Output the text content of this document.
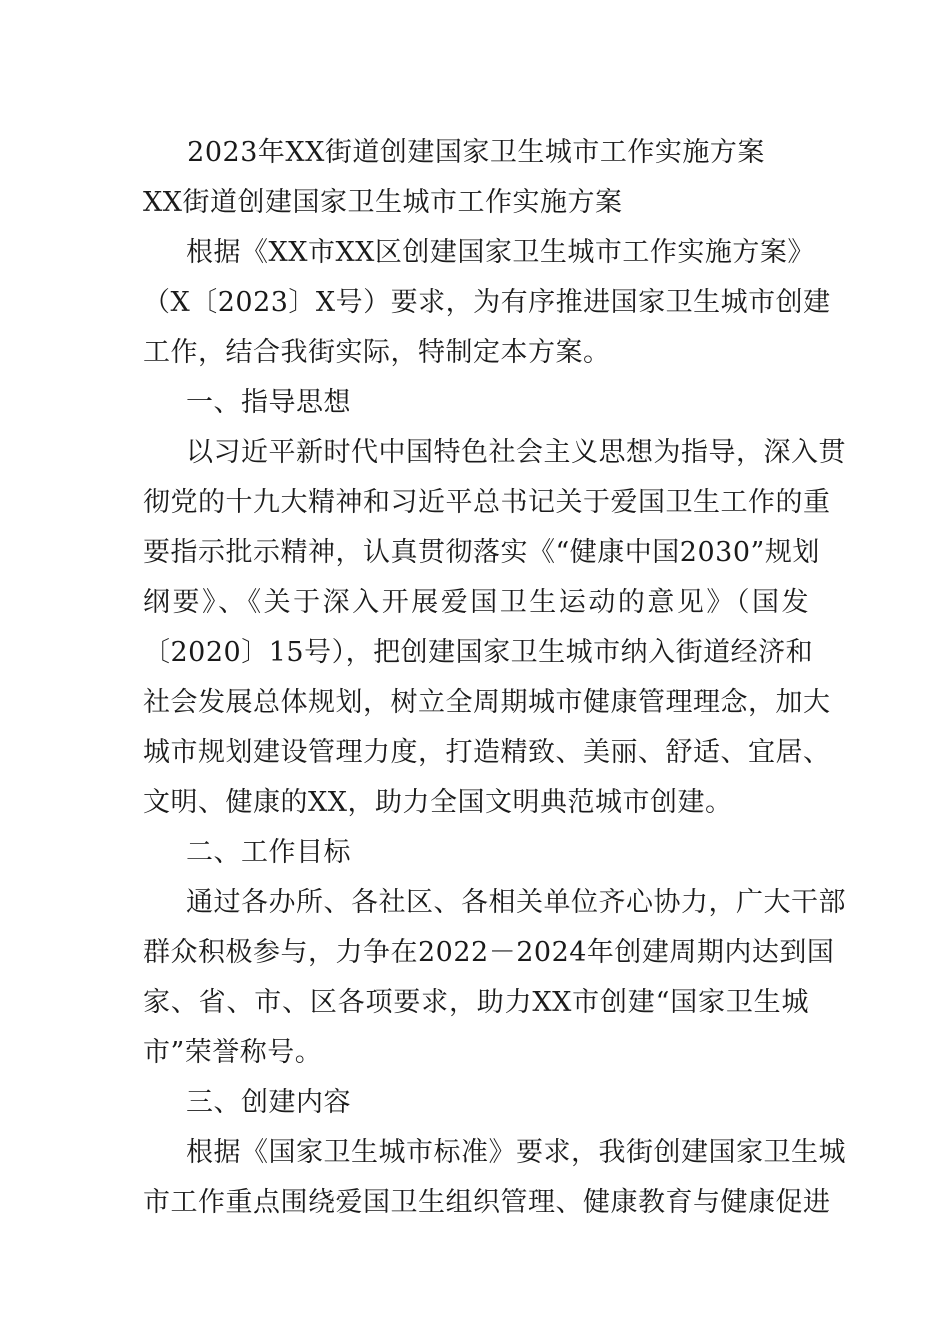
2023年XX街道创建国家卫生城市工作实施方案
XX街道创建国家卫生城市工作实施方案
根据《XX市XX区创建国家卫生城市工作实施方案》
（X〔2023〕X号）要求，为有序推进国家卫生城市创建
工作，结合我街实际，特制定本方案。
一、指导思想
以习近平新时代中国特色社会主义思想为指导，深入贯
彻党的十九大精神和习近平总书记关于爱国卫生工作的重
要指示批示精神，认真贯彻落实《“健康中国2030”规划
纲要》、《关于深入开展爱国卫生运动的意见》（国发
〔2020〕15号），把创建国家卫生城市纳入街道经济和
社会发展总体规划，树立全周期城市健康管理理念，加大
城市规划建设管理力度，打造精致、美丽、舒适、宜居、
文明、健康的XX，助力全国文明典范城市创建。
二、工作目标
通过各办所、各社区、各相关单位齐心协力，广大干部
群众积极参与，力争在2022－2024年创建周期内达到国
家、省、市、区各项要求，助力XX市创建“国家卫生城
市”荣誉称号。
三、创建内容
根据《国家卫生城市标准》要求，我街创建国家卫生城
市工作重点围绕爱国卫生组织管理、健康教育与健康促进
